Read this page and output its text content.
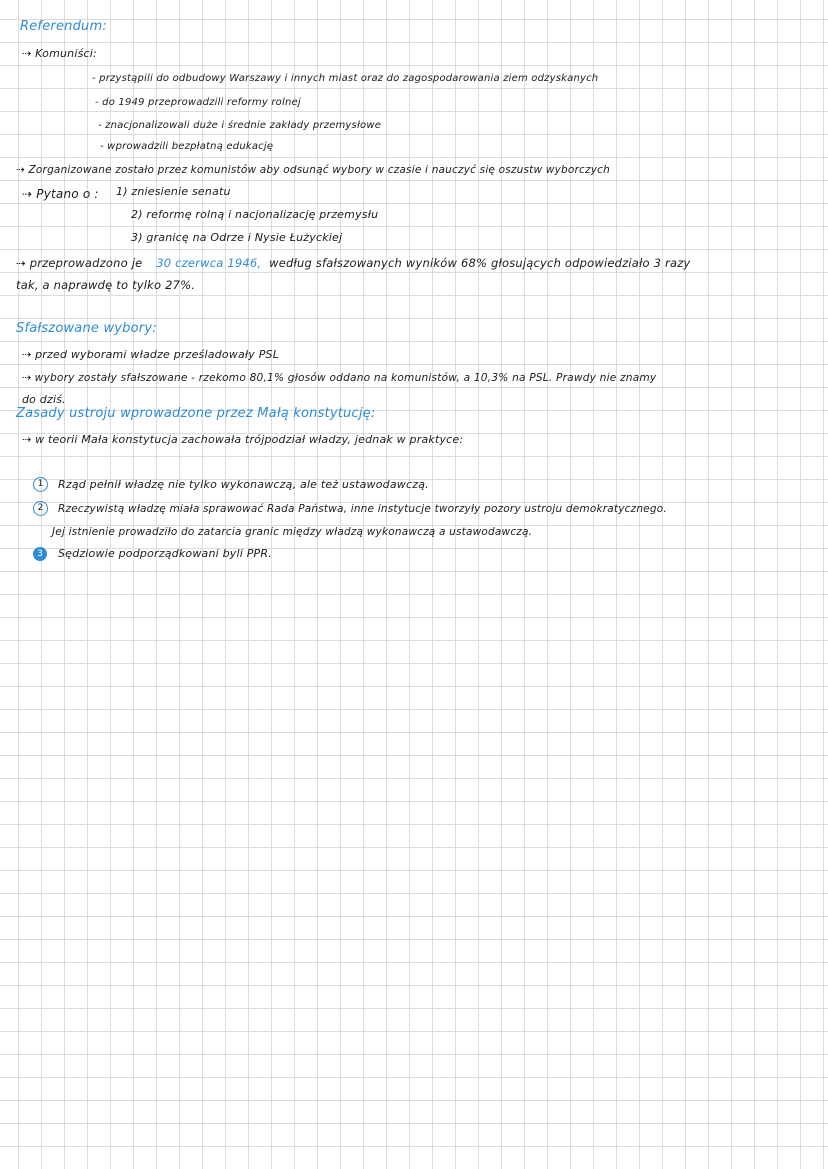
Referendum:
⇢ Komuniści:
- przystąpili do odbudowy Warszawy i innych miast oraz do zagospodarowania ziem odzyskanych
- do 1949 przeprowadzili reformy rolnej
- znacjonalizowali duże i średnie zakłady przemysłowe
- wprowadzili bezpłatną edukację
⇢ Zorganizowane zostało przez komunistów aby odsunąć wybory w czasie i nauczyć się oszustw wyborczych
⇢ Pytano o : 1) zniesienie senatu
2) reformę rolną i nacjonalizację przemysłu
3) granicę na Odrze i Nysie Łużyckiej
⇢ przeprowadzono je 30 czerwca 1946, według sfałszowanych wyników 68% głosujących odpowiedziało 3 razy
tak, a naprawdę to tylko 27%.
Sfałszowane wybory:
⇢ przed wyborami władze prześladowały PSL
⇢ wybory zostały sfałszowane - rzekomo 80,1% głosów oddano na komunistów, a 10,3% na PSL. Prawdy nie znamy
do dziś.
Zasady ustroju wprowadzone przez Małą konstytucję:
⇢ w teorii Mała konstytucja zachowała trójpodział władzy, jednak w praktyce:
1	Rząd pełnił władzę nie tylko wykonawczą, ale też ustawodawczą.
2	Rzeczywistą władzę miała sprawować Rada Państwa, inne instytucje tworzyły pozory ustroju demokratycznego.
Jej istnienie prowadziło do zatarcia granic między władzą wykonawczą a ustawodawczą.
3	Sędziowie podporządkowani byli PPR.
